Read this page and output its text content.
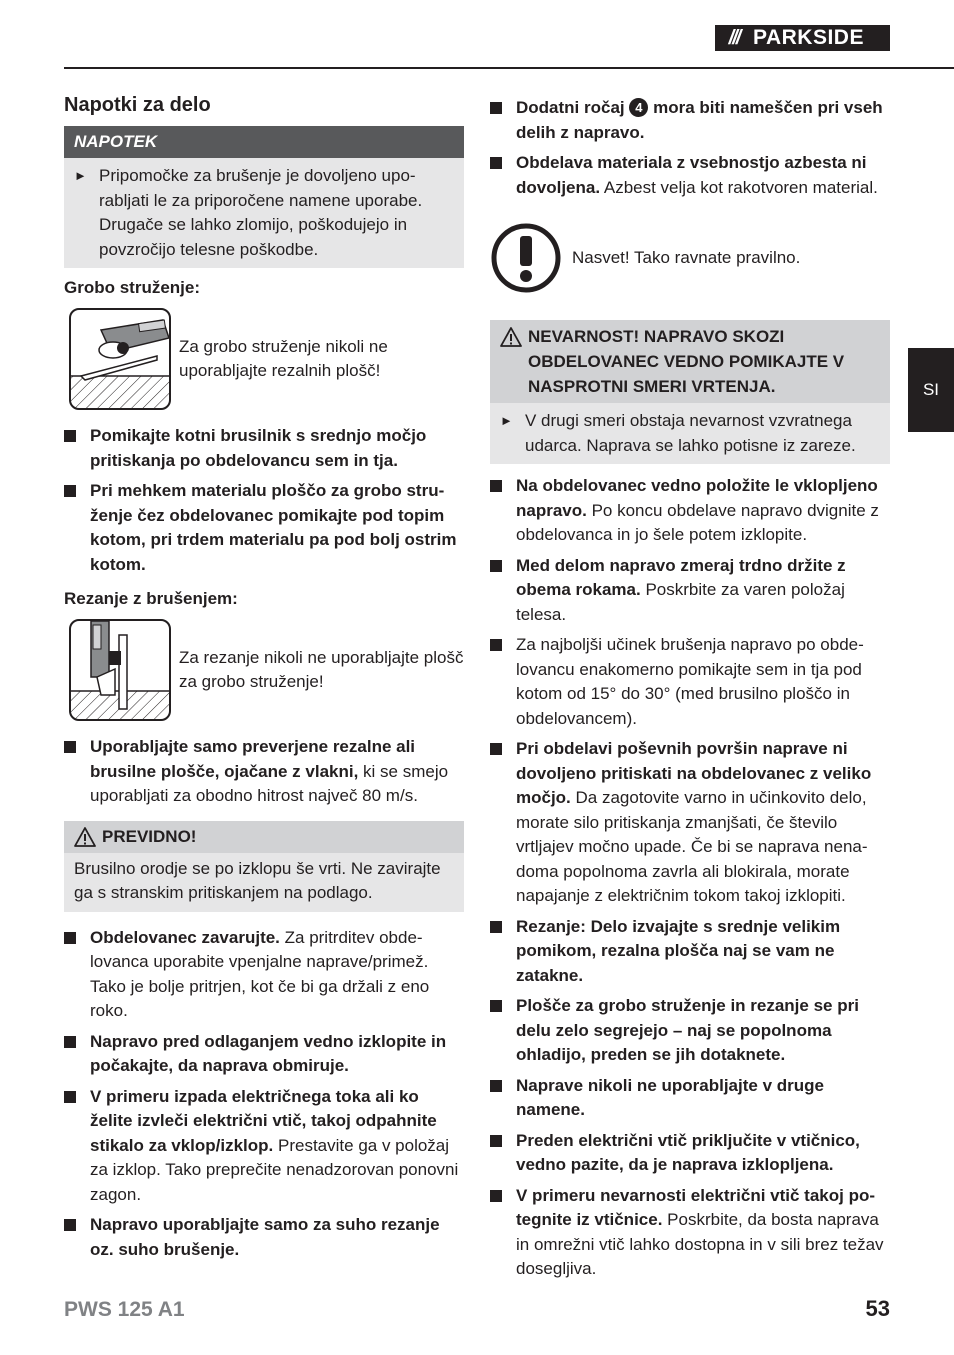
/// PARKSIDE
Napotki za delo
NAPOTEK
► Pripomočke za brušenje je dovoljeno upo-rabljati le za priporočene namene uporabe. Drugače se lahko zlomijo, poškodujejo in povzročijo telesne poškodbe.

Grobo struženje:

Za grobo struženje nikoli ne uporabljajte rezalnih plošč!

Pomikajte kotni brusilnik s srednjo močjo pritiskanja po obdelovancu sem in tja.

Pri mehkem materialu ploščo za grobo stru-ženje čez obdelovanec pomikajte pod topim kotom, pri trdem materialu pa pod bolj ostrim kotom.

Rezanje z brušenjem:

Za rezanje nikoli ne uporabljajte plošč za grobo struženje!

Uporabljajte samo preverjene rezalne ali brusilne plošče, ojačane z vlakni, ki se smejo uporabljati za obodno hitrost največ 80 m/s.

PREVIDNO!

Brusilno orodje se po izklopu še vrti. Ne zavirajte ga s stranskim pritiskanjem na podlago.

Obdelovanec zavarujte. Za pritrditev obde-lovanca uporabite vpenjalne naprave/primež. Tako je bolje pritrjen, kot če bi ga držali z eno roko.

Napravo pred odlaganjem vedno izklopite in počakajte, da naprava obmiruje.

V primeru izpada električnega toka ali ko želite izvleči električni vtič, takoj odpahnite stikalo za vklop/izklop. Prestavite ga v položaj za izklop. Tako preprečite nenadzorovan ponovni zagon.

Napravo uporabljajte samo za suho rezanje oz. suho brušenje.

Dodatni ročaj 4 mora biti nameščen pri vseh delih z napravo.

Obdelava materiala z vsebnostjo azbesta ni dovoljena. Azbest velja kot rakotvoren material.

Nasvet! Tako ravnate pravilno.

NEVARNOST! NAPRAVO SKOZI OBDELOVANEC VEDNO POMIKAJTE V NASPROTNI SMERI VRTENJA.
► V drugi smeri obstaja nevarnost vzvratnega udarca. Naprava se lahko potisne iz zareze.

Na obdelovanec vedno položite le vklopljeno napravo. Po koncu obdelave napravo dvignite z obdelovanca in jo šele potem izklopite.

Med delom napravo zmeraj trdno držite z obema rokama. Poskrbite za varen položaj telesa.

Za najboljši učinek brušenja napravo po obde-lovancu enakomerno pomikajte sem in tja pod kotom od 15° do 30° (med brusilno ploščo in obdelovancem).

Pri obdelavi poševnih površin naprave ni dovoljeno pritiskati na obdelovanec z veliko močjo. Da zagotovite varno in učinkovito delo, morate silo pritiskanja zmanjšati, če število vrtljajev močno upade. Če bi se naprava nena-doma popolnoma zavrla ali blokirala, morate napajanje z električnim tokom takoj izklopiti.

Rezanje: Delo izvajajte s srednje velikim pomikom, rezalna plošča naj se vam ne zatakne.

Plošče za grobo struženje in rezanje se pri delu zelo segrejejo – naj se popolnoma ohladijo, preden se jih dotaknete.

Naprave nikoli ne uporabljajte v druge namene.

Preden električni vtič priključite v vtičnico, vedno pazite, da je naprava izklopljena.

V primeru nevarnosti električni vtič takoj po-tegnite iz vtičnice. Poskrbite, da bosta naprava in omrežni vtič lahko dostopna in v sili brez težav dosegljiva.

SI
PWS 125 A1	53
